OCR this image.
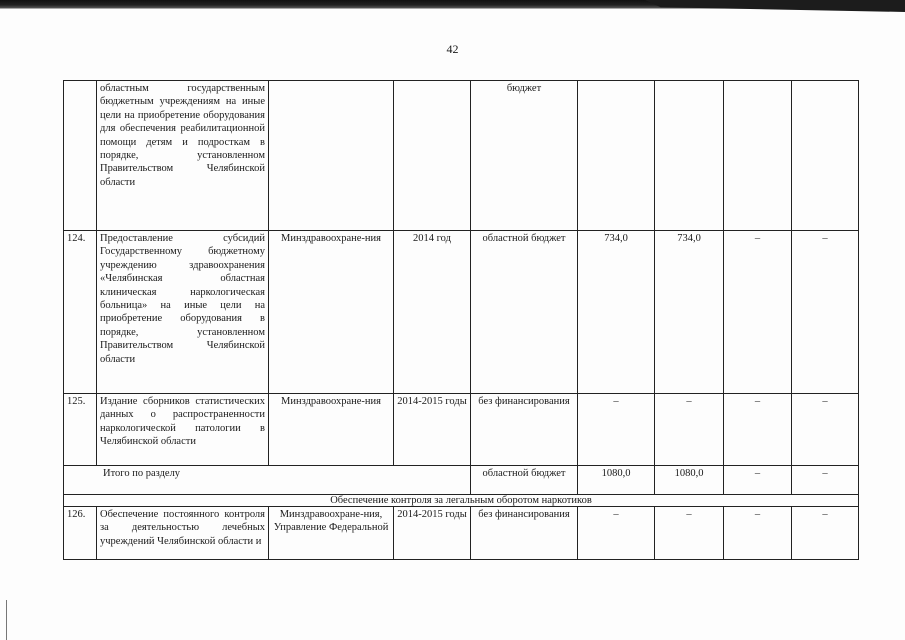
42
	областным государственным бюджетным учреждениям на иные цели на приобретение оборудования для обеспечения реабилитационной помощи детям и подросткам в порядке, установленном Правительством Челябинской области			бюджет				
124.	Предоставление субсидий Государственному бюджетному учреждению здравоохранения «Челябинская областная клиническая наркологическая больница» на иные цели на приобретение оборудования в порядке, установленном Правительством Челябинской области	Минздравоохране-ния	2014 год	областной бюджет	734,0	734,0	–	–
125.	Издание сборников статистических данных о распространенности наркологической патологии в Челябинской области	Минздравоохране-ния	2014-2015 годы	без финансирования	–	–	–	–
Итого по разделу				областной бюджет	1080,0	1080,0	–	–
Обеспечение контроля за легальным оборотом наркотиков								
126.	Обеспечение постоянного контроля за деятельностью лечебных учреждений Челябинской области и	Минздравоохране-ния, Управление Федеральной	2014-2015 годы	без финансирования	–	–	–	–
